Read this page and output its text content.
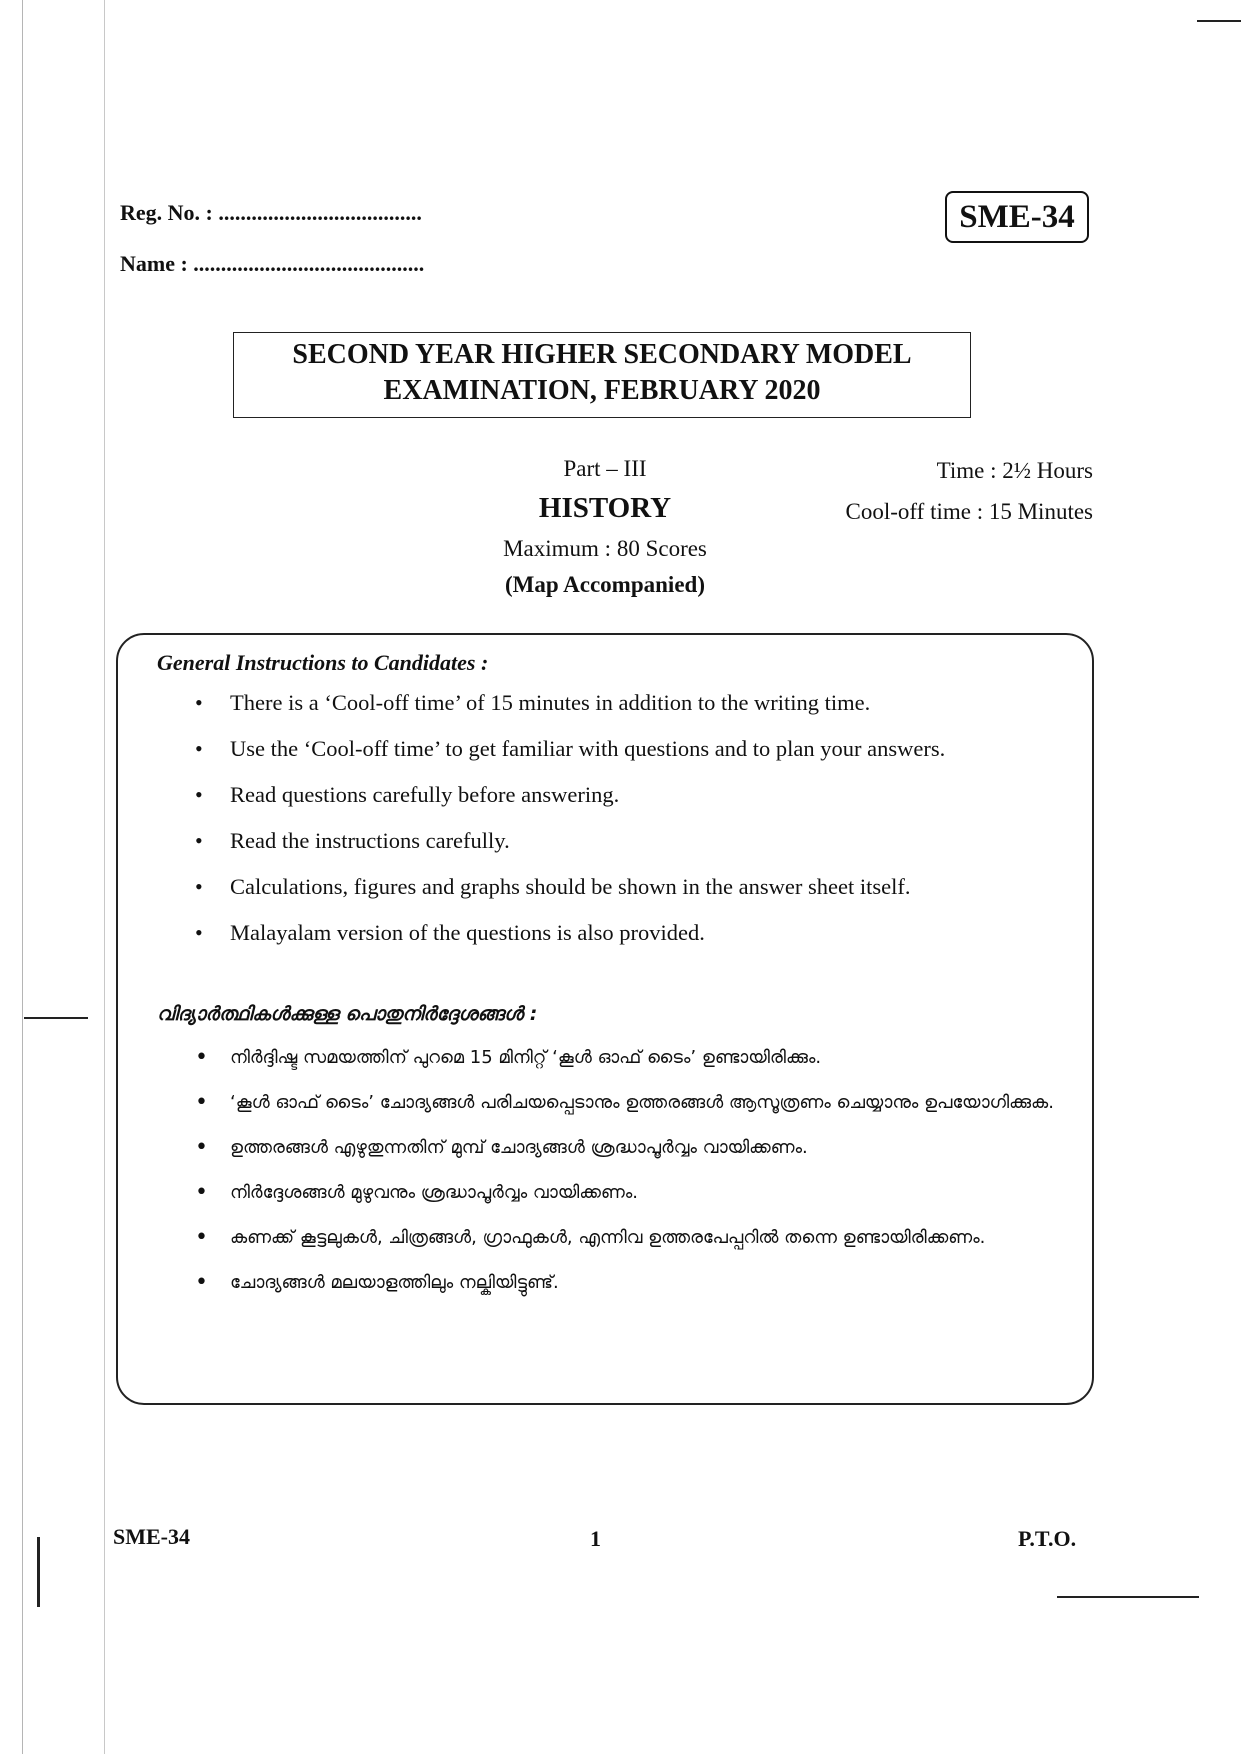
Reg. No. : .....................................
Name : ..........................................
SME-34
SECOND YEAR HIGHER SECONDARY MODEL
EXAMINATION, FEBRUARY 2020
Part – III
HISTORY
Maximum : 80 Scores
(Map Accompanied)
Time : 2½ Hours
Cool-off time : 15 Minutes
General Instructions to Candidates :
• There is a ‘Cool-off time’ of 15 minutes in addition to the writing time.
• Use the ‘Cool-off time’ to get familiar with questions and to plan your answers.
• Read questions carefully before answering.
• Read the instructions carefully.
• Calculations, figures and graphs should be shown in the answer sheet itself.
• Malayalam version of the questions is also provided.
വിദ്യാർത്ഥികൾക്കുള്ള പൊതുനിർദ്ദേശങ്ങൾ :
• നിർദ്ദിഷ്ട സമയത്തിന് പുറമെ 15 മിനിറ്റ് ‘കൂൾ ഓഫ് ടൈം’ ഉണ്ടായിരിക്കും.
• ‘കൂൾ ഓഫ് ടൈം’ ചോദ്യങ്ങൾ പരിചയപ്പെടാനും ഉത്തരങ്ങൾ ആസൂത്രണം ചെയ്യാനും ഉപയോഗിക്കുക.
• ഉത്തരങ്ങൾ എഴുതുന്നതിന് മുമ്പ് ചോദ്യങ്ങൾ ശ്രദ്ധാപൂർവ്വം വായിക്കണം.
• നിർദ്ദേശങ്ങൾ മുഴുവനും ശ്രദ്ധാപൂർവ്വം വായിക്കണം.
• കണക്ക് കൂട്ടലുകൾ, ചിത്രങ്ങൾ, ഗ്രാഫുകൾ, എന്നിവ ഉത്തരപേപ്പറിൽ തന്നെ ഉണ്ടായിരിക്കണം.
• ചോദ്യങ്ങൾ മലയാളത്തിലും നല്കിയിട്ടുണ്ട്.
SME-34	1	P.T.O.
